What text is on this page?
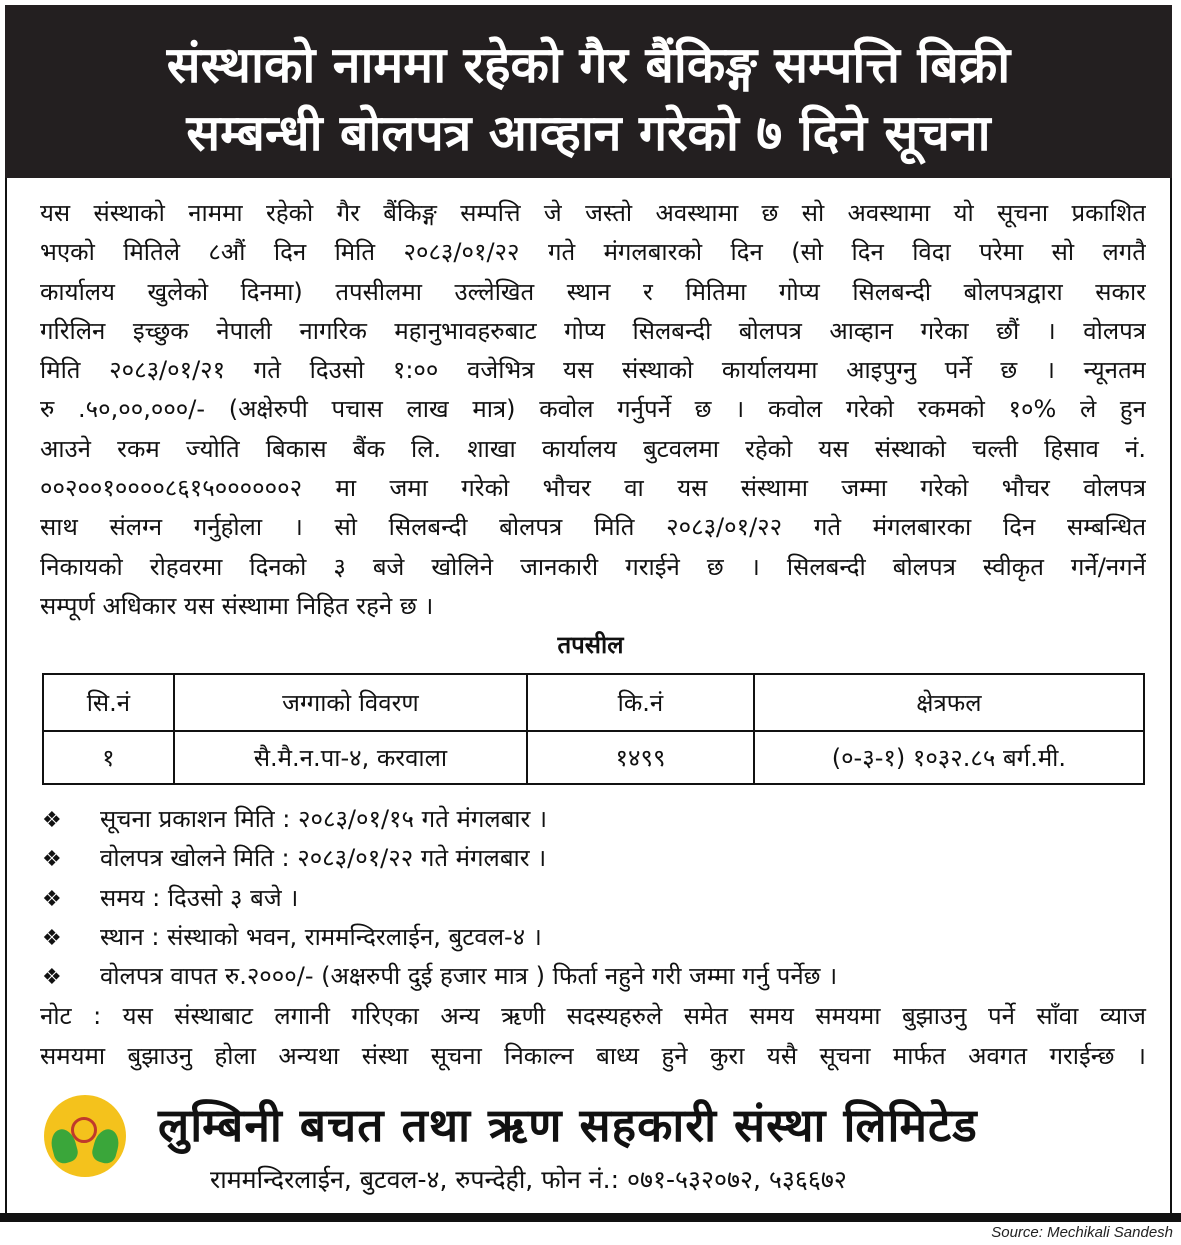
संस्थाको नाममा रहेको गैर बैंकिङ्ग सम्पत्ति बिक्री
सम्बन्धी बोलपत्र आव्हान गरेको ७ दिने सूचना
यस संस्थाको नाममा रहेको गैर बैंकिङ्ग सम्पत्ति जे जस्तो अवस्थामा छ सो अवस्थामा यो सूचना प्रकाशित
भएको मितिले ८औं दिन मिति २०८३/०१/२२ गते मंगलबारको दिन (सो दिन विदा परेमा सो लगतै
कार्यालय खुलेको दिनमा) तपसीलमा उल्लेखित स्थान र मितिमा गोप्य सिलबन्दी बोलपत्रद्वारा सकार
गरिलिन इच्छुक नेपाली नागरिक महानुभावहरुबाट गोप्य सिलबन्दी बोलपत्र आव्हान गरेका छौं । वोलपत्र
मिति २०८३/०१/२१ गते दिउसो १:०० वजेभित्र यस संस्थाको कार्यालयमा आइपुग्नु पर्ने छ । न्यूनतम
रु .५०,००,०००/- (अक्षेरुपी पचास लाख मात्र) कवोल गर्नुपर्ने छ । कवोल गरेको रकमको १०% ले हुन
आउने रकम ज्योति बिकास बैंक लि. शाखा कार्यालय बुटवलमा रहेको यस संस्थाको चल्ती हिसाव नं.
००२००१००००८६१५००००००२ मा जमा गरेको भौचर वा यस संस्थामा जम्मा गरेको भौचर वोलपत्र
साथ संलग्न गर्नुहोला । सो सिलबन्दी बोलपत्र मिति २०८३/०१/२२ गते मंगलबारका दिन सम्बन्धित
निकायको रोहवरमा दिनको ३ बजे खोलिने जानकारी गराईने छ । सिलबन्दी बोलपत्र स्वीकृत गर्ने/नगर्ने
सम्पूर्ण अधिकार यस संस्थामा निहित रहने छ ।
तपसील
सि.नं	जग्गाको विवरण	कि.नं	क्षेत्रफल
१	सै.मै.न.पा-४, करवाला	१४९९	(०-३-१) १०३२.८५ बर्ग.मी.
❖ सूचना प्रकाशन मिति : २०८३/०१/१५ गते मंगलबार ।
❖ वोलपत्र खोलने मिति : २०८३/०१/२२ गते मंगलबार ।
❖ समय : दिउसो ३ बजे ।
❖ स्थान : संस्थाको भवन, राममन्दिरलाईन, बुटवल-४ ।
❖ वोलपत्र वापत रु.२०००/- (अक्षरुपी दुई हजार मात्र ) फिर्ता नहुने गरी जम्मा गर्नु पर्नेछ ।
नोट : यस संस्थाबाट लगानी गरिएका अन्य ऋणी सदस्यहरुले समेत समय समयमा बुझाउनु पर्ने साँवा व्याज
समयमा बुझाउनु होला अन्यथा संस्था सूचना निकाल्न बाध्य हुने कुरा यसै सूचना मार्फत अवगत गराईन्छ ।
लुम्बिनी बचत तथा ऋण सहकारी संस्था लिमिटेड
राममन्दिरलाईन, बुटवल-४, रुपन्देही, फोन नं.: ०७१-५३२०७२, ५३६६७२
Source: Mechikali Sandesh
